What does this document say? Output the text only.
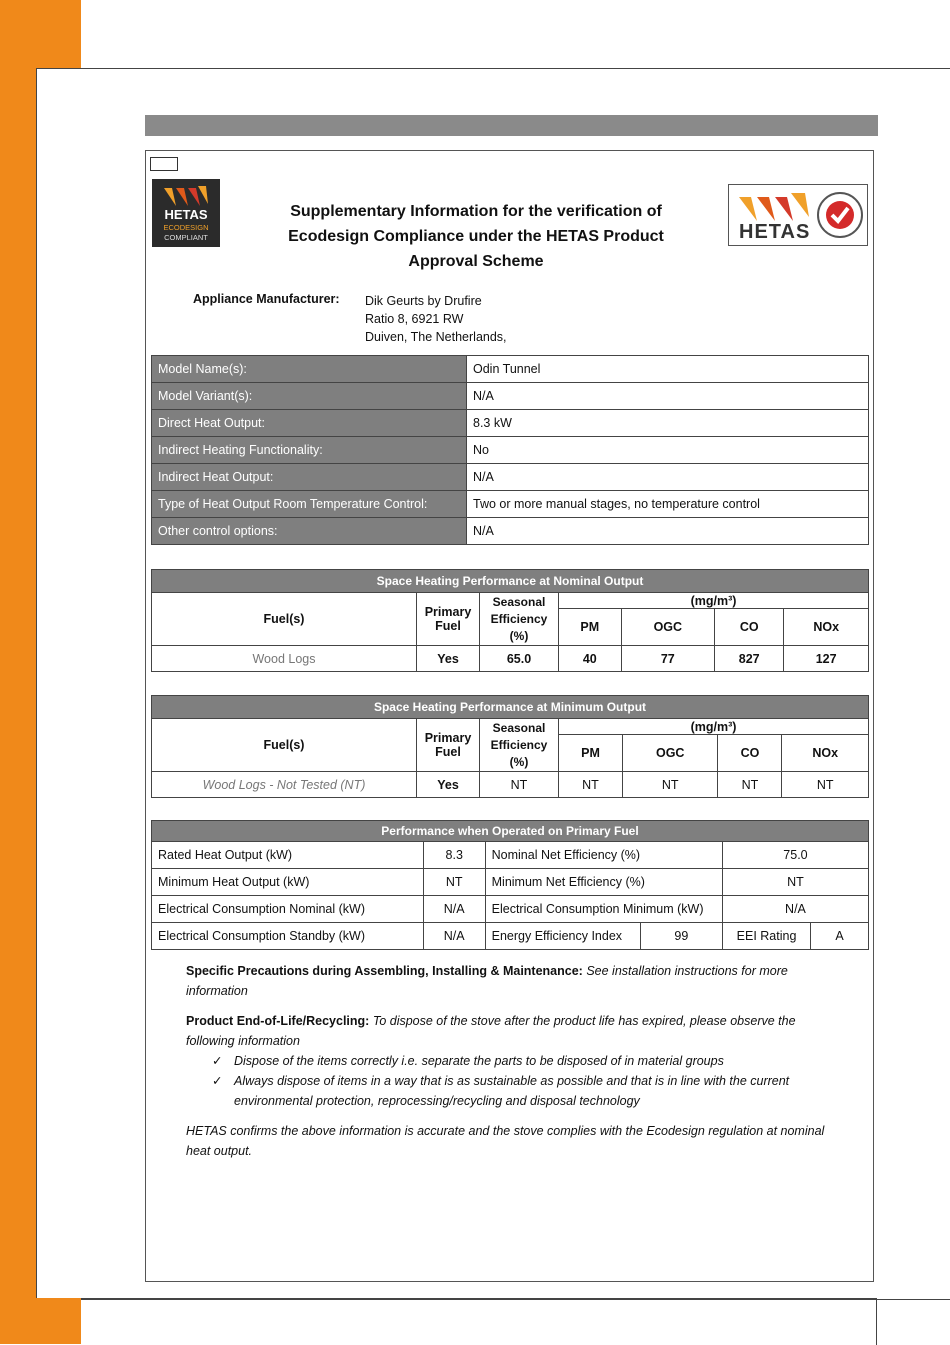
HETAS
ECODESIGN
COMPLIANT
Supplementary Information for the verification of Ecodesign Compliance under the HETAS Product Approval Scheme
HETAS
Appliance Manufacturer: Dik Geurts by Drufire
Ratio 8, 6921 RW
Duiven, The Netherlands,
Model Name(s):	Odin Tunnel
Model Variant(s):	N/A
Direct Heat Output:	8.3 kW
Indirect Heating Functionality:	No
Indirect Heat Output:	N/A
Type of Heat Output Room Temperature Control:	Two or more manual stages, no temperature control
Other control options:	N/A
Space Heating Performance at Nominal Output						
Fuel(s)	Primary Fuel	Seasonal Efficiency (%)	(mg/m³)			
			PM	OGC	CO	NOx
Wood Logs	Yes	65.0	40	77	827	127
Space Heating Performance at Minimum Output						
Fuel(s)	Primary Fuel	Seasonal Efficiency (%)	(mg/m³)			
			PM	OGC	CO	NOx
Wood Logs - Not Tested (NT)	Yes	NT	NT	NT	NT	NT
Performance when Operated on Primary Fuel					
Rated Heat Output (kW)	8.3	Nominal Net Efficiency (%)		75.0	
Minimum Heat Output (kW)	NT	Minimum Net Efficiency (%)		NT	
Electrical Consumption Nominal (kW)	N/A	Electrical Consumption Minimum (kW)		N/A	
Electrical Consumption Standby (kW)	N/A	Energy Efficiency Index	99	EEI Rating	A

Specific Precautions during Assembling, Installing & Maintenance: See installation instructions for more information

Product End-of-Life/Recycling: To dispose of the stove after the product life has expired, please observe the following information

✓ Dispose of the items correctly i.e. separate the parts to be disposed of in material groups
✓ Always dispose of items in a way that is as sustainable as possible and that is in line with the current environmental protection, reprocessing/recycling and disposal technology

HETAS confirms the above information is accurate and the stove complies with the Ecodesign regulation at nominal heat output.
